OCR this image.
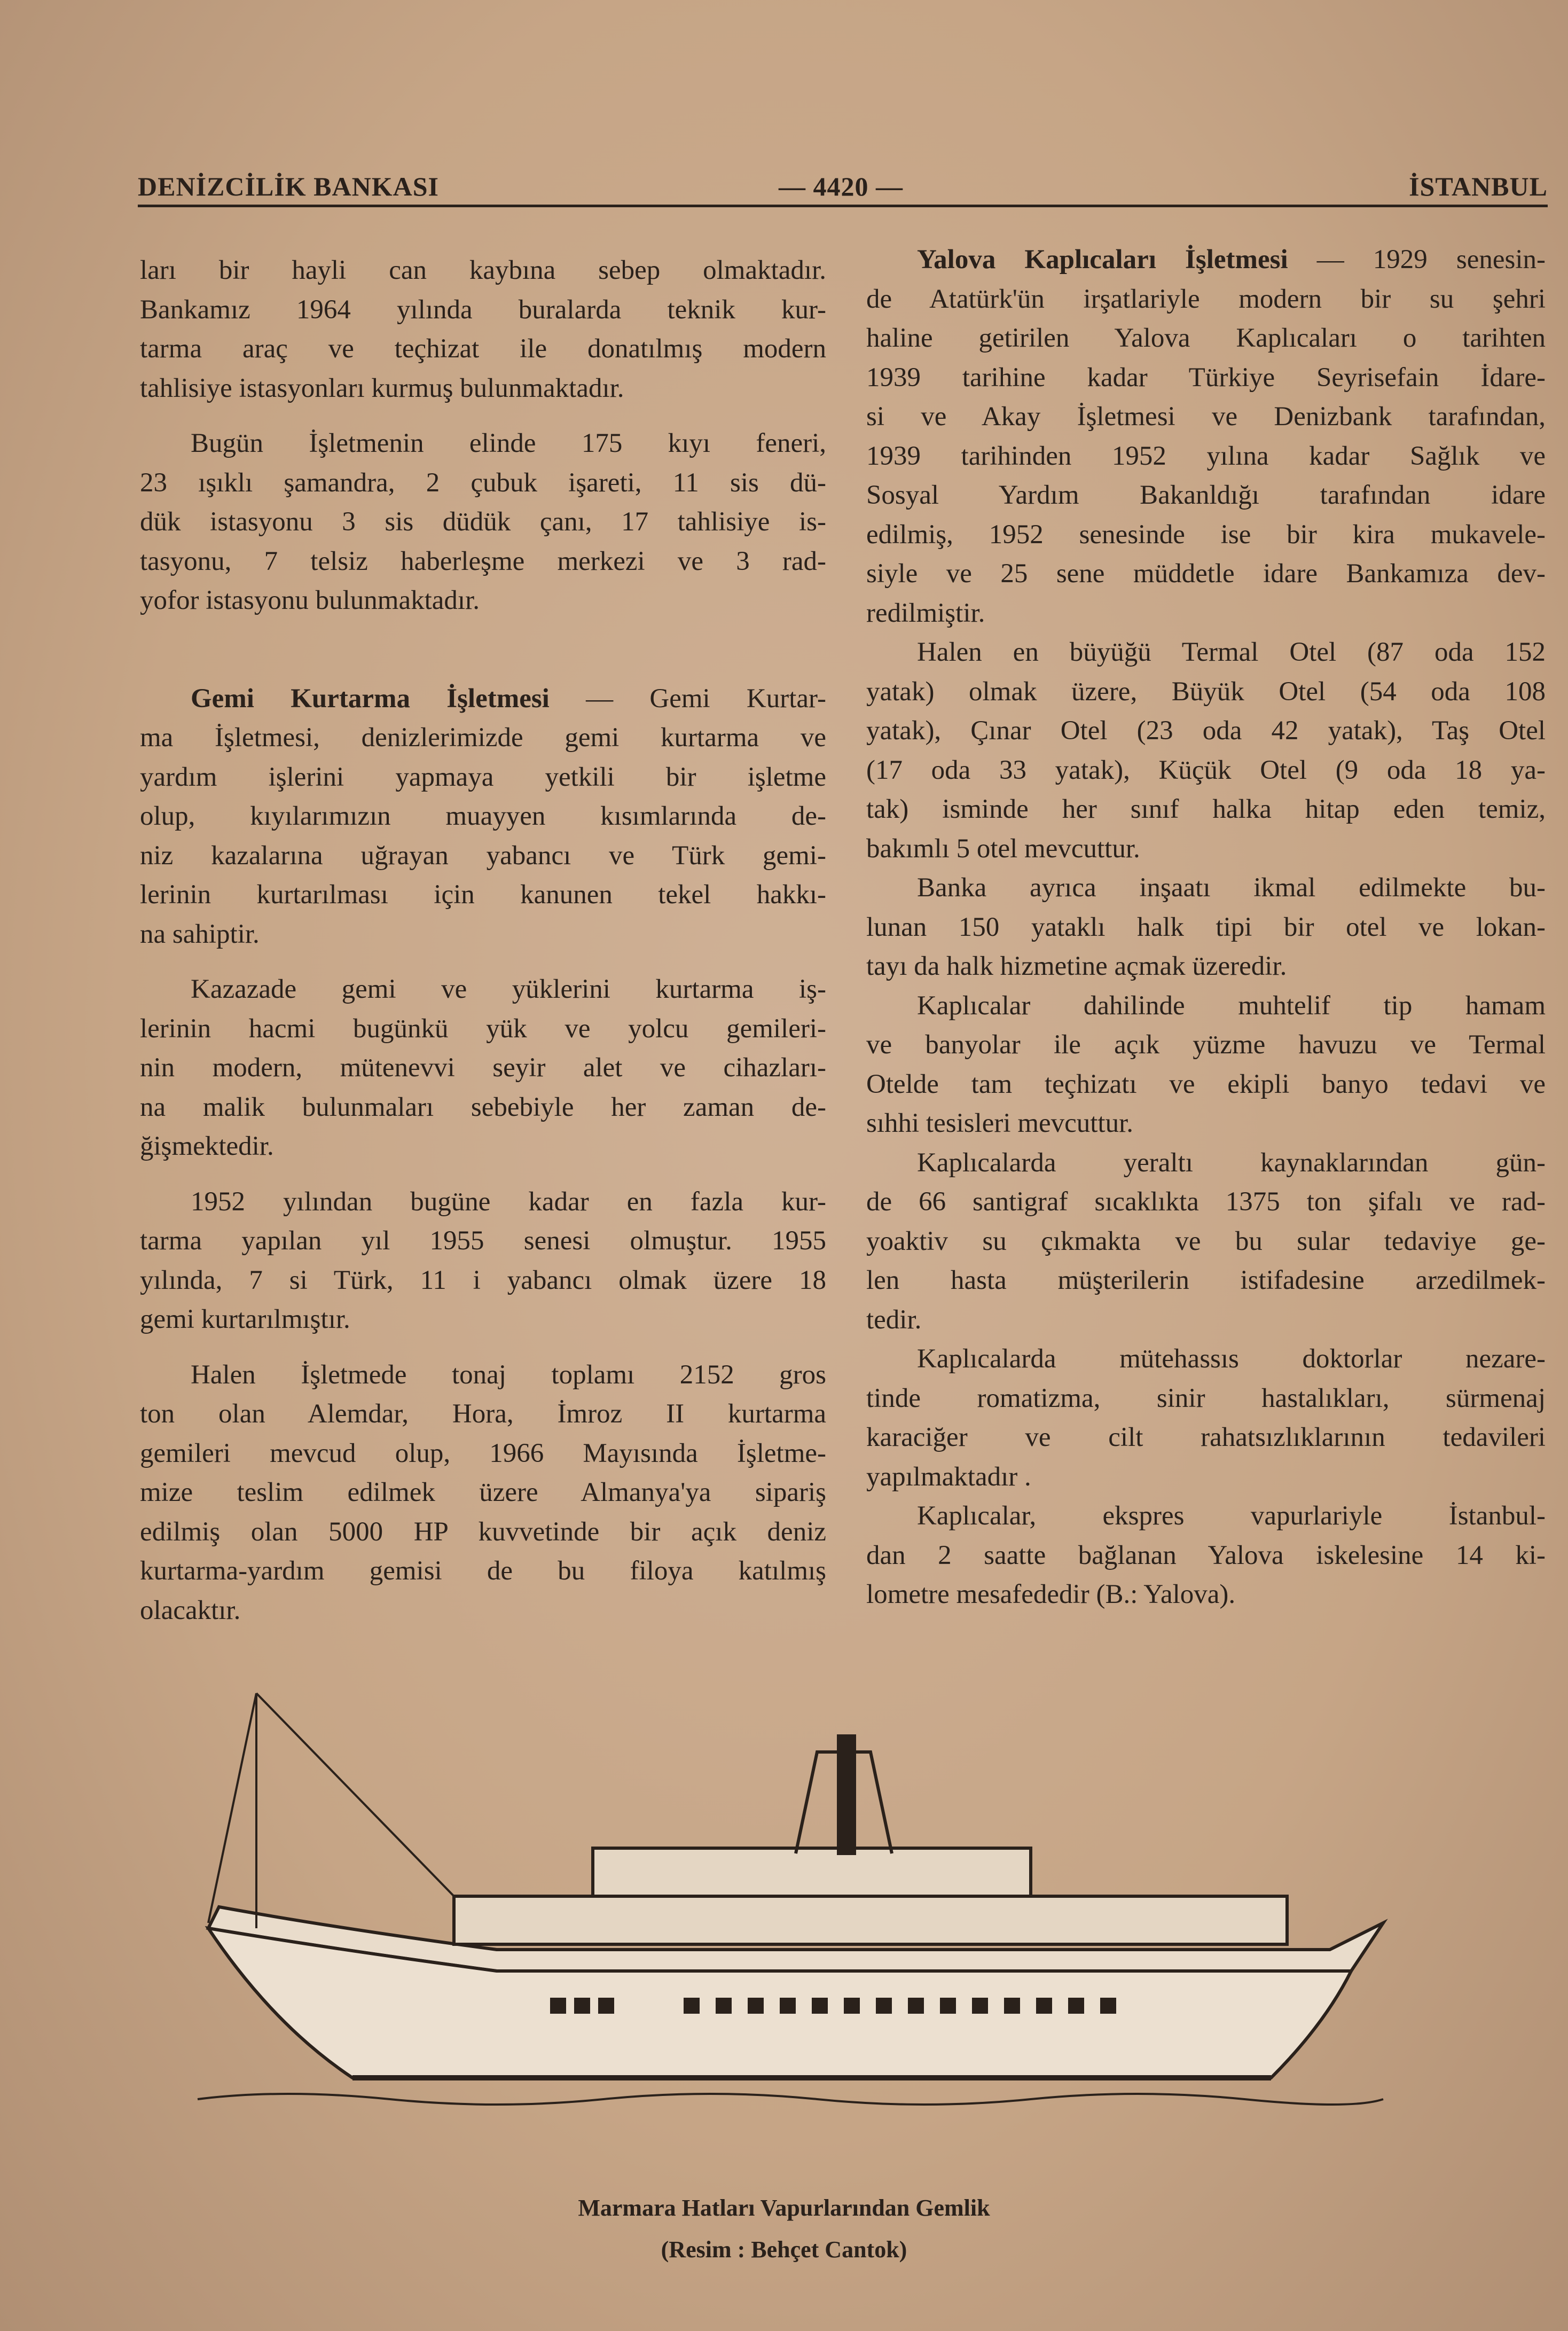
DENİZCİLİK BANKASI	— 4420 —	İSTANBUL
ları bir hayli can kaybına sebep olmaktadır.
Bankamız 1964 yılında buralarda teknik kur-
tarma araç ve teçhizat ile donatılmış modern
tahlisiye istasyonları kurmuş bulunmaktadır.
Bugün İşletmenin elinde 175 kıyı feneri,
23 ışıklı şamandra, 2 çubuk işareti, 11 sis dü-
dük istasyonu 3 sis düdük çanı, 17 tahlisiye is-
tasyonu, 7 telsiz haberleşme merkezi ve 3 rad-
yofor istasyonu bulunmaktadır.
Gemi Kurtarma İşletmesi — Gemi Kurtar-
ma İşletmesi, denizlerimizde gemi kurtarma ve
yardım işlerini yapmaya yetkili bir işletme
olup, kıyılarımızın muayyen kısımlarında de-
niz kazalarına uğrayan yabancı ve Türk gemi-
lerinin kurtarılması için kanunen tekel hakkı-
na sahiptir.
Kazazade gemi ve yüklerini kurtarma iş-
lerinin hacmi bugünkü yük ve yolcu gemileri-
nin modern, mütenevvi seyir alet ve cihazları-
na malik bulunmaları sebebiyle her zaman de-
ğişmektedir.
1952 yılından bugüne kadar en fazla kur-
tarma yapılan yıl 1955 senesi olmuştur. 1955
yılında, 7 si Türk, 11 i yabancı olmak üzere 18
gemi kurtarılmıştır.
Halen İşletmede tonaj toplamı 2152 gros
ton olan Alemdar, Hora, İmroz II kurtarma
gemileri mevcud olup, 1966 Mayısında İşletme-
mize teslim edilmek üzere Almanya'ya sipariş
edilmiş olan 5000 HP kuvvetinde bir açık deniz
kurtarma-yardım gemisi de bu filoya katılmış
olacaktır.
Yalova Kaplıcaları İşletmesi — 1929 senesin-
de Atatürk'ün irşatlariyle modern bir su şehri
haline getirilen Yalova Kaplıcaları o tarihten
1939 tarihine kadar Türkiye Seyrisefain İdare-
si ve Akay İşletmesi ve Denizbank tarafından,
1939 tarihinden 1952 yılına kadar Sağlık ve
Sosyal Yardım Bakanldığı tarafından idare
edilmiş, 1952 senesinde ise bir kira mukavele-
siyle ve 25 sene müddetle idare Bankamıza dev-
redilmiştir.
Halen en büyüğü Termal Otel (87 oda 152
yatak) olmak üzere, Büyük Otel (54 oda 108
yatak), Çınar Otel (23 oda 42 yatak), Taş Otel
(17 oda 33 yatak), Küçük Otel (9 oda 18 ya-
tak) isminde her sınıf halka hitap eden temiz,
bakımlı 5 otel mevcuttur.
Banka ayrıca inşaatı ikmal edilmekte bu-
lunan 150 yataklı halk tipi bir otel ve lokan-
tayı da halk hizmetine açmak üzeredir.
Kaplıcalar dahilinde muhtelif tip hamam
ve banyolar ile açık yüzme havuzu ve Termal
Otelde tam teçhizatı ve ekipli banyo tedavi ve
sıhhi tesisleri mevcuttur.
Kaplıcalarda yeraltı kaynaklarından gün-
de 66 santigraf sıcaklıkta 1375 ton şifalı ve rad-
yoaktiv su çıkmakta ve bu sular tedaviye ge-
len hasta müşterilerin istifadesine arzedilmek-
tedir.
Kaplıcalarda mütehassıs doktorlar nezare-
tinde romatizma, sinir hastalıkları, sürmenaj
karaciğer ve cilt rahatsızlıklarının tedavileri
yapılmaktadır .
Kaplıcalar, ekspres vapurlariyle İstanbul-
dan 2 saatte bağlanan Yalova iskelesine 14 ki-
lometre mesafededir (B.: Yalova).
Marmara Hatları Vapurlarından Gemlik
(Resim : Behçet Cantok)
